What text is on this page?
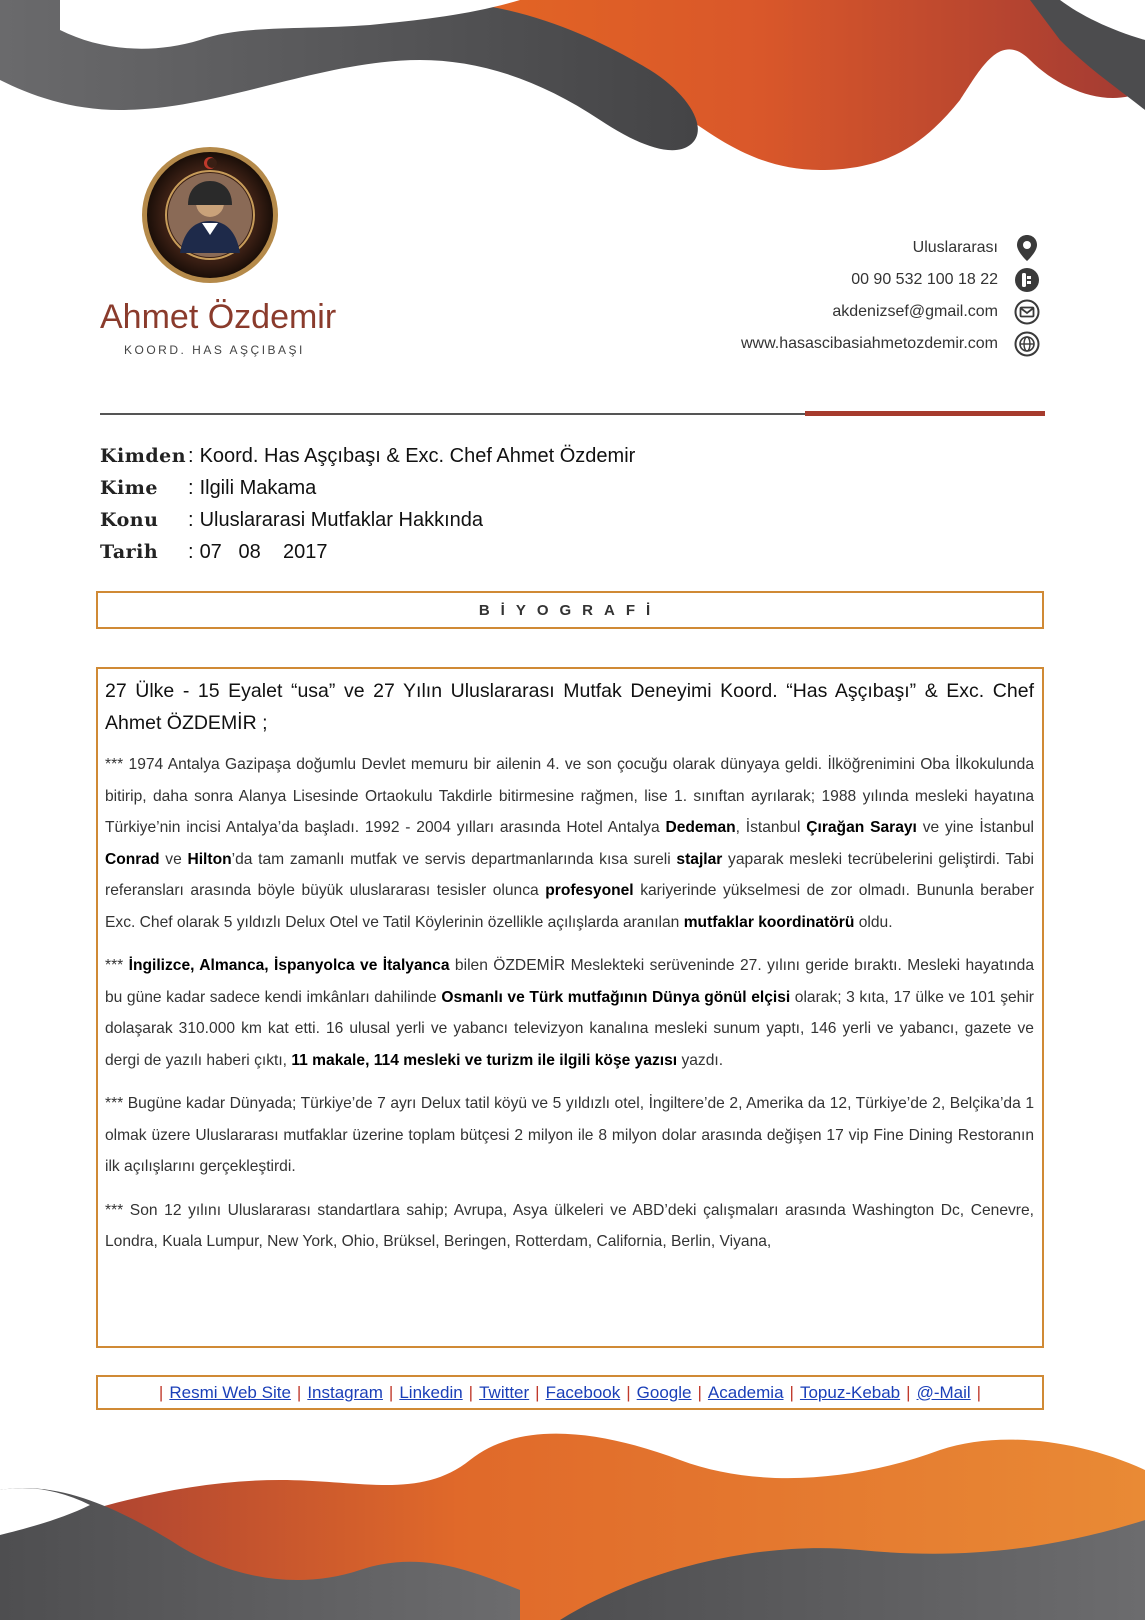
Ahmet Özdemir
KOORD. HAS AŞÇIBAŞI
Uluslararası
00 90 532 100 18 22
akdenizsef@gmail.com
www.hasascibasiahmetozdemir.com
Kimden : Koord. Has Aşçıbaşı & Exc. Chef Ahmet Özdemir
Kime	: Ilgili Makama
Konu	: Uluslararasi Mutfaklar Hakkında
Tarih	: 07   08    2017
BİYOGRAFİ

27 Ülke - 15 Eyalet “usa” ve 27 Yılın Uluslararası Mutfak Deneyimi Koord. “Has Aşçıbaşı” & Exc. Chef Ahmet ÖZDEMİR ;

*** 1974 Antalya Gazipaşa doğumlu Devlet memuru bir ailenin 4. ve son çocuğu olarak dünyaya geldi. İlköğrenimini Oba İlkokulunda bitirip, daha sonra Alanya Lisesinde Ortaokulu Takdirle bitirmesine rağmen, lise 1. sınıftan ayrılarak; 1988 yılında mesleki hayatına Türkiye’nin incisi Antalya’da başladı. 1992 - 2004 yılları arasında Hotel Antalya Dedeman, İstanbul Çırağan Sarayı ve yine İstanbul Conrad ve Hilton’da tam zamanlı mutfak ve servis departmanlarında kısa sureli stajlar yaparak mesleki tecrübelerini geliştirdi. Tabi referansları arasında böyle büyük uluslararası tesisler olunca profesyonel kariyerinde yükselmesi de zor olmadı. Bununla beraber Exc. Chef olarak 5 yıldızlı Delux Otel ve Tatil Köylerinin özellikle açılışlarda aranılan mutfaklar koordinatörü oldu.

*** İngilizce, Almanca, İspanyolca ve İtalyanca bilen ÖZDEMİR Meslekteki serüveninde 27. yılını geride bıraktı. Mesleki hayatında bu güne kadar sadece kendi imkânları dahilinde Osmanlı ve Türk mutfağının Dünya gönül elçisi olarak; 3 kıta, 17 ülke ve 101 şehir dolaşarak 310.000 km kat etti. 16 ulusal yerli ve yabancı televizyon kanalına mesleki sunum yaptı, 146 yerli ve yabancı, gazete ve dergi de yazılı haberi çıktı, 11 makale, 114 mesleki ve turizm ile ilgili köşe yazısı yazdı.

*** Bugüne kadar Dünyada; Türkiye’de 7 ayrı Delux tatil köyü ve 5 yıldızlı otel, İngiltere’de 2, Amerika da 12, Türkiye’de 2, Belçika’da 1 olmak üzere Uluslararası mutfaklar üzerine toplam bütçesi 2 milyon ile 8 milyon dolar arasında değişen 17 vip Fine Dining Restoranın ilk açılışlarını gerçekleştirdi.

*** Son 12 yılını Uluslararası standartlara sahip; Avrupa, Asya ülkeleri ve ABD’deki çalışmaları arasında Washington Dc, Cenevre, Londra, Kuala Lumpur, New York, Ohio, Brüksel, Beringen, Rotterdam, California, Berlin, Viyana,

| Resmi Web Site | Instagram | Linkedin | Twitter | Facebook | Google | Academia | Topuz-Kebab | @-Mail |
